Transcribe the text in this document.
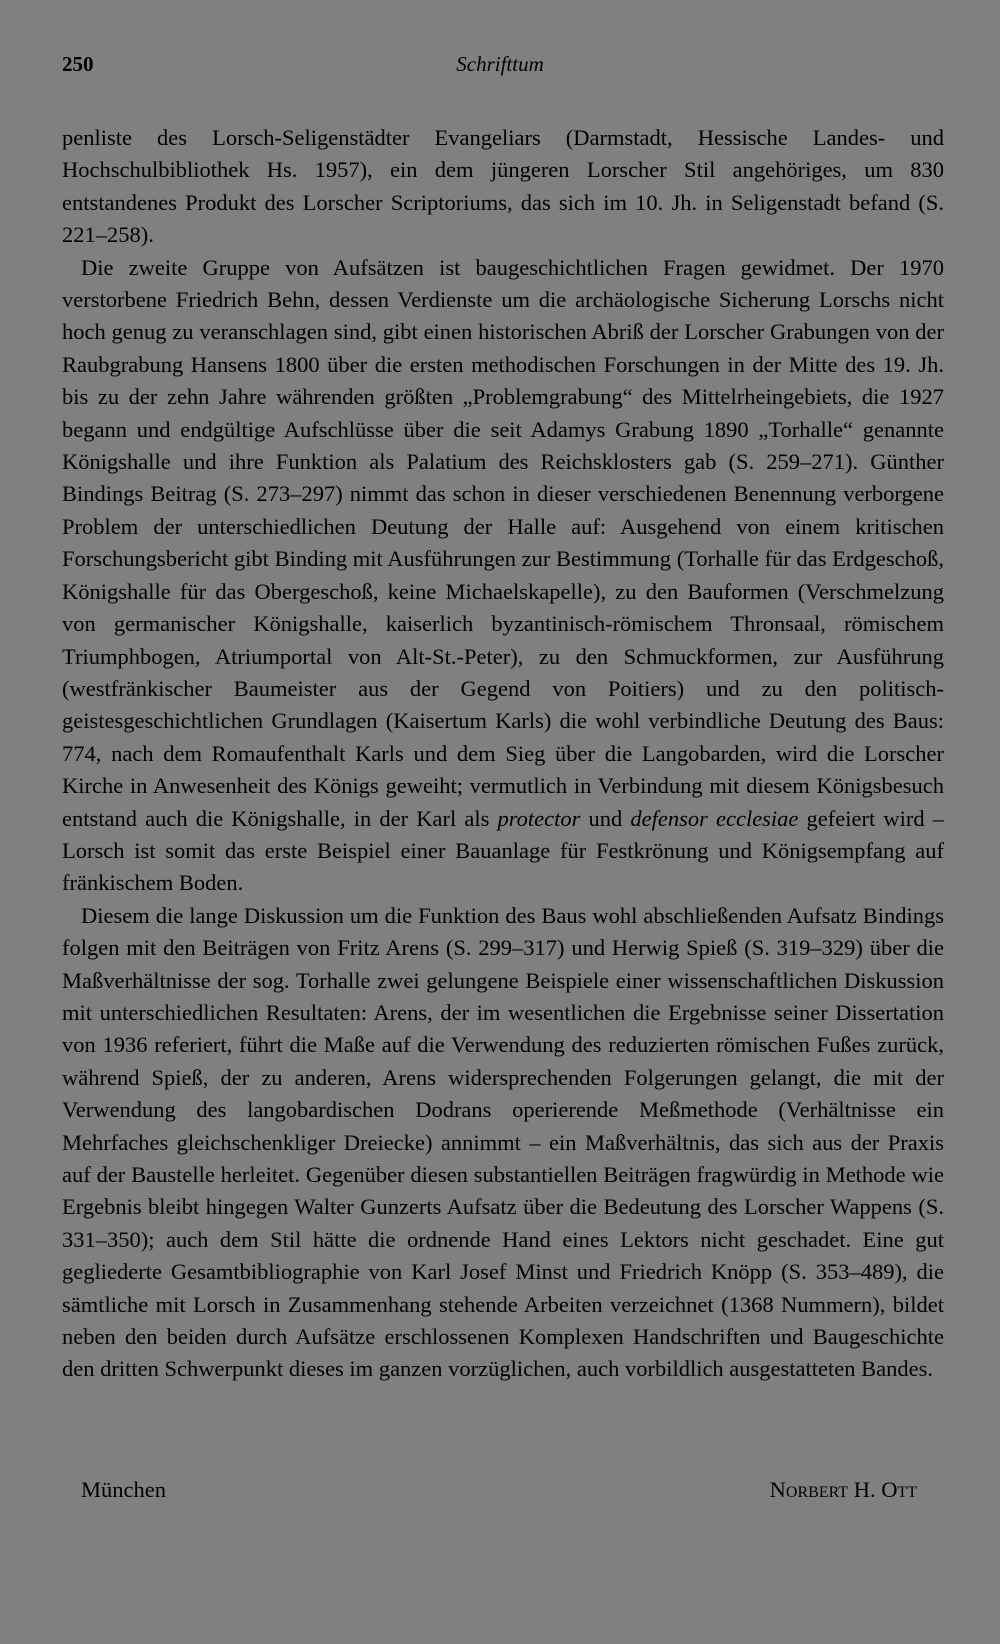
250	Schrifttum

penliste des Lorsch-Seligenstädter Evangeliars (Darmstadt, Hessische Landes- und Hochschulbibliothek Hs. 1957), ein dem jüngeren Lorscher Stil angehöriges, um 830 entstandenes Produkt des Lorscher Scriptoriums, das sich im 10. Jh. in Seligenstadt befand (S. 221–258).

Die zweite Gruppe von Aufsätzen ist baugeschichtlichen Fragen gewidmet. Der 1970 verstorbene Friedrich Behn, dessen Verdienste um die archäologische Sicherung Lorschs nicht hoch genug zu veranschlagen sind, gibt einen historischen Abriß der Lorscher Grabungen von der Raubgrabung Hansens 1800 über die ersten methodischen Forschungen in der Mitte des 19. Jh. bis zu der zehn Jahre währenden größten „Problemgrabung“ des Mittelrheingebiets, die 1927 begann und endgültige Aufschlüsse über die seit Adamys Grabung 1890 „Torhalle“ genannte Königshalle und ihre Funktion als Palatium des Reichsklosters gab (S. 259–271). Günther Bindings Beitrag (S. 273–297) nimmt das schon in dieser verschiedenen Benennung verborgene Problem der unterschiedlichen Deutung der Halle auf: Ausgehend von einem kritischen Forschungsbericht gibt Binding mit Ausführungen zur Bestimmung (Torhalle für das Erdgeschoß, Königshalle für das Obergeschoß, keine Michaelskapelle), zu den Bauformen (Verschmelzung von germanischer Königshalle, kaiserlich byzantinisch-römischem Thronsaal, römischem Triumphbogen, Atriumportal von Alt-St.-Peter), zu den Schmuckformen, zur Ausführung (westfränkischer Baumeister aus der Gegend von Poitiers) und zu den politisch-geistesgeschichtlichen Grundlagen (Kaisertum Karls) die wohl verbindliche Deutung des Baus: 774, nach dem Romaufenthalt Karls und dem Sieg über die Langobarden, wird die Lorscher Kirche in Anwesenheit des Königs geweiht; vermutlich in Verbindung mit diesem Königsbesuch entstand auch die Königshalle, in der Karl als protector und defensor ecclesiae gefeiert wird – Lorsch ist somit das erste Beispiel einer Bauanlage für Festkrönung und Königsempfang auf fränkischem Boden.

Diesem die lange Diskussion um die Funktion des Baus wohl abschließenden Aufsatz Bindings folgen mit den Beiträgen von Fritz Arens (S. 299–317) und Herwig Spieß (S. 319–329) über die Maßverhältnisse der sog. Torhalle zwei gelungene Beispiele einer wissenschaftlichen Diskussion mit unterschiedlichen Resultaten: Arens, der im wesentlichen die Ergebnisse seiner Dissertation von 1936 referiert, führt die Maße auf die Verwendung des reduzierten römischen Fußes zurück, während Spieß, der zu anderen, Arens widersprechenden Folgerungen gelangt, die mit der Verwendung des langobardischen Dodrans operierende Meßmethode (Verhältnisse ein Mehrfaches gleichschenkliger Dreiecke) annimmt – ein Maßverhältnis, das sich aus der Praxis auf der Baustelle herleitet. Gegenüber diesen substantiellen Beiträgen fragwürdig in Methode wie Ergebnis bleibt hingegen Walter Gunzerts Aufsatz über die Bedeutung des Lorscher Wappens (S. 331–350); auch dem Stil hätte die ordnende Hand eines Lektors nicht geschadet. Eine gut gegliederte Gesamtbibliographie von Karl Josef Minst und Friedrich Knöpp (S. 353–489), die sämtliche mit Lorsch in Zusammenhang stehende Arbeiten verzeichnet (1368 Nummern), bildet neben den beiden durch Aufsätze erschlossenen Komplexen Handschriften und Baugeschichte den dritten Schwerpunkt dieses im ganzen vorzüglichen, auch vorbildlich ausgestatteten Bandes.

München	Norbert H. Ott
